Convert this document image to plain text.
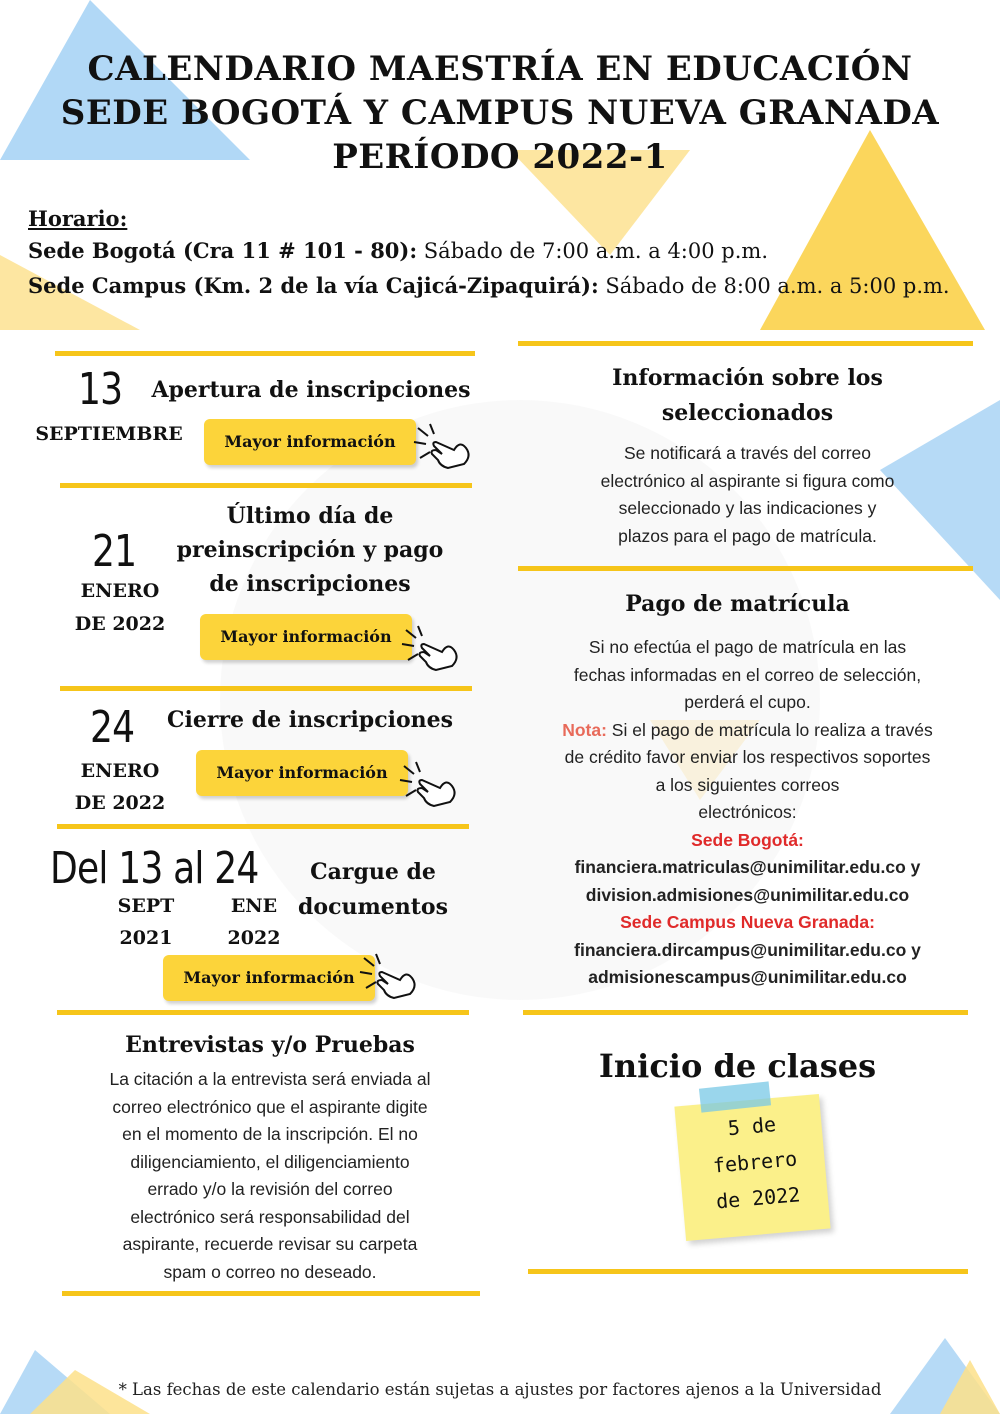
CALENDARIO MAESTRÍA EN EDUCACIÓN
SEDE BOGOTÁ Y CAMPUS NUEVA GRANADA
PERÍODO 2022-1
Horario:
Sede Bogotá (Cra 11 # 101 - 80): Sábado de 7:00 a.m. a 4:00 p.m.
Sede Campus (Km. 2 de la vía Cajicá-Zipaquirá): Sábado de 8:00 a.m. a 5:00 p.m.
13
SEPTIEMBRE
Apertura de inscripciones
Mayor información
21
ENERO
DE 2022
Último día de
preinscripción y pago
de inscripciones
Mayor información
24
ENERO
DE 2022
Cierre de inscripciones
Mayor información
Del 13 al 24
SEPT
2021
ENE
2022
Cargue de
documentos
Mayor información
Entrevistas y/o Pruebas
La citación a la entrevista será enviada al
correo electrónico que el aspirante digite
en el momento de la inscripción. El no
diligenciamiento, el diligenciamiento
errado y/o la revisión del correo
electrónico será responsabilidad del
aspirante, recuerde revisar su carpeta
spam o correo no deseado.
Información sobre los
seleccionados
Se notificará a través del correo
electrónico al aspirante si figura como
seleccionado y las indicaciones y
plazos para el pago de matrícula.
Pago de matrícula
Si no efectúa el pago de matrícula en las
fechas informadas en el correo de selección,
perderá el cupo.
Nota: Si el pago de matrícula lo realiza a través
de crédito favor enviar los respectivos soportes
a los siguientes correos
electrónicos:
Sede Bogotá:
financiera.matriculas@unimilitar.edu.co y
division.admisiones@unimilitar.edu.co
Sede Campus Nueva Granada:
financiera.dircampus@unimilitar.edu.co y
admisionescampus@unimilitar.edu.co
Inicio de clases
5 de
febrero
de 2022
* Las fechas de este calendario están sujetas a ajustes por factores ajenos a la Universidad
